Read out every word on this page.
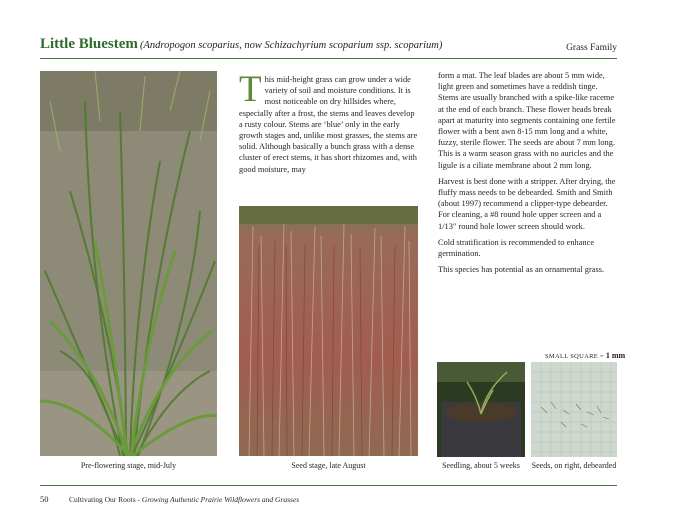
Little Bluestem (Andropogon scoparius, now Schizachyrium scoparium ssp. scoparium)	Grass Family
SMALL SQUARE = 1 mm
Pre-flowering stage, mid-July	Seed stage, late August	Seedling, about 5 weeks	Seeds, on right, debearded

This mid-height grass can grow under a wide variety of soil and moisture conditions. It is most noticeable on dry hillsides where, especially after a frost, the stems and leaves develop a rusty colour. Stems are ‘blue’ only in the early growth stages and, unlike most grasses, the stems are solid. Although basically a bunch grass with a dense cluster of erect stems, it has short rhizomes and, with good moisture, may

form a mat. The leaf blades are about 5 mm wide, light green and sometimes have a reddish tinge. Stems are usually branched with a spike-like raceme at the end of each branch. These flower heads break apart at maturity into segments containing one fertile flower with a bent awn 8-15 mm long and a white, fuzzy, sterile flower. The seeds are about 7 mm long. This is a warm season grass with no auricles and the ligule is a ciliate membrane about 2 mm long.

Harvest is best done with a stripper. After drying, the fluffy mass needs to be debearded. Smith and Smith (about 1997) recommend a clipper-type debearder. For cleaning, a #8 round hole upper screen and a 1/13" round hole lower screen should work.

Cold stratification is recommended to enhance germination.

This species has potential as an ornamental grass.

50	Cultivating Our Roots - Growing Authentic Prairie Wildflowers and Grasses
